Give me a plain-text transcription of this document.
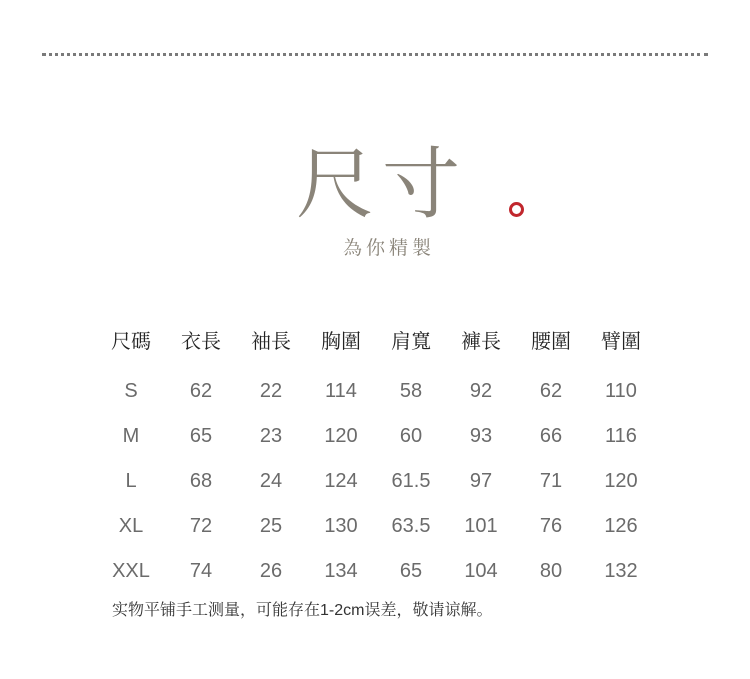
尺寸
為你精製
尺碼	衣長	袖長	胸圍	肩寬	褲長	腰圍	臂圍

S	62	22	114	58	92	62	110
M	65	23	120	60	93	66	116
L	68	24	124	61.5	97	71	120
XL	72	25	130	63.5	101	76	126
XXL	74	26	134	65	104	80	132
实物平铺手工测量，可能存在1-2cm误差，敬请谅解。
